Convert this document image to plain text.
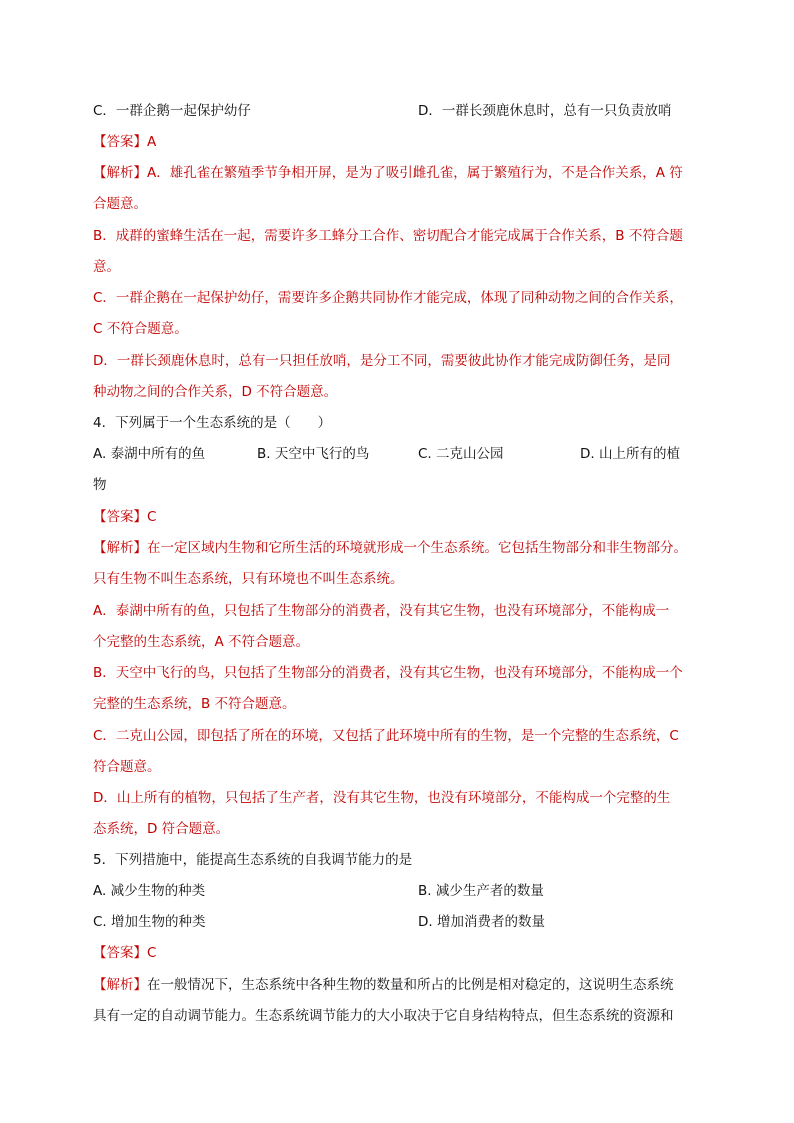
C．一群企鹅一起保护幼仔	D．一群长颈鹿休息时，总有一只负责放哨
【答案】A
【解析】A．雄孔雀在繁殖季节争相开屏，是为了吸引雌孔雀，属于繁殖行为，不是合作关系，A 符
合题意。
B．成群的蜜蜂生活在一起，需要许多工蜂分工合作、密切配合才能完成属于合作关系，B 不符合题
意。
C．一群企鹅在一起保护幼仔，需要许多企鹅共同协作才能完成，体现了同种动物之间的合作关系，
C 不符合题意。
D．一群长颈鹿休息时，总有一只担任放哨，是分工不同，需要彼此协作才能完成防御任务，是同
种动物之间的合作关系，D 不符合题意。
4．下列属于一个生态系统的是（　　）
A. 泰湖中所有的鱼	B. 天空中飞行的鸟	C. 二克山公园	D. 山上所有的植
物
【答案】C
【解析】在一定区域内生物和它所生活的环境就形成一个生态系统。它包括生物部分和非生物部分。
只有生物不叫生态系统，只有环境也不叫生态系统。
A．泰湖中所有的鱼，只包括了生物部分的消费者，没有其它生物，也没有环境部分，不能构成一
个完整的生态系统，A 不符合题意。
B．天空中飞行的鸟，只包括了生物部分的消费者，没有其它生物，也没有环境部分，不能构成一个
完整的生态系统，B 不符合题意。
C．二克山公园，即包括了所在的环境，又包括了此环境中所有的生物，是一个完整的生态系统，C
符合题意。
D．山上所有的植物，只包括了生产者，没有其它生物，也没有环境部分，不能构成一个完整的生
态系统，D 符合题意。
5．下列措施中，能提高生态系统的自我调节能力的是
A. 减少生物的种类	B. 减少生产者的数量
C. 增加生物的种类	D. 增加消费者的数量
【答案】C
【解析】在一般情况下，生态系统中各种生物的数量和所占的比例是相对稳定的，这说明生态系统
具有一定的自动调节能力。生态系统调节能力的大小取决于它自身结构特点，但生态系统的资源和
